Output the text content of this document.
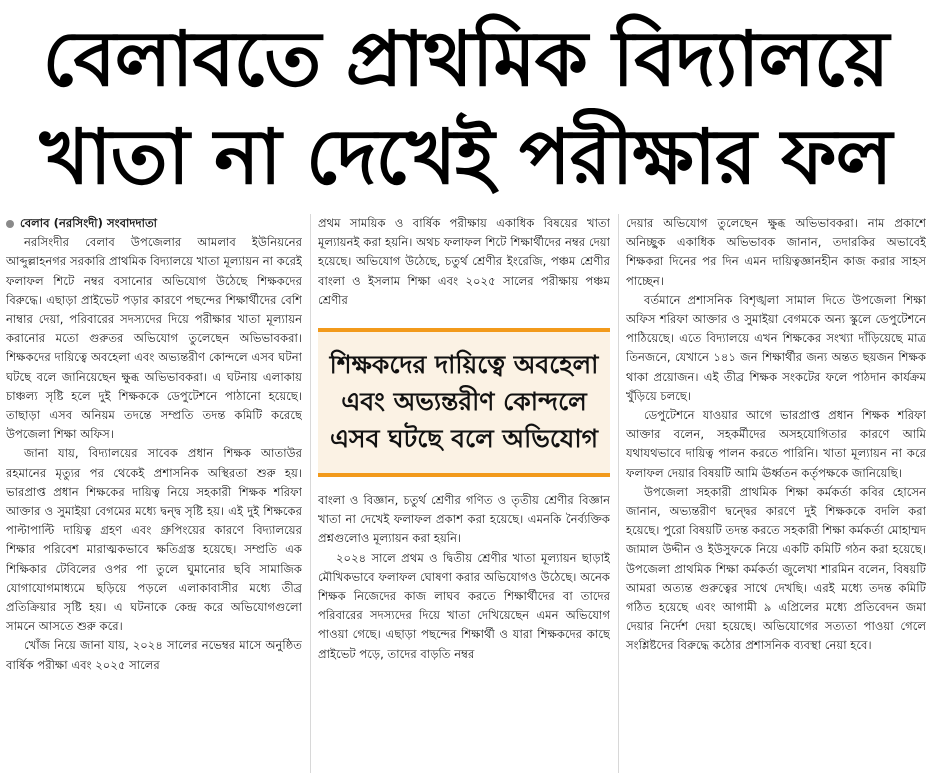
বেলাবতে প্রাথমিক বিদ্যালয়ে
খাতা না দেখেই পরীক্ষার ফল

বেলাব (নরসিংদী) সংবাদদাতা

নরসিংদীর বেলাব উপজেলার আমলাব ইউনিয়নের আব্দুল্লাহনগর সরকারি প্রাথমিক বিদ্যালয়ে খাতা মূল্যায়ন না করেই ফলাফল শিটে নম্বর বসানোর অভিযোগ উঠেছে শিক্ষকদের বিরুদ্ধে। এছাড়া প্রাইভেট পড়ার কারণে পছন্দের শিক্ষার্থীদের বেশি নাম্বার দেয়া, পরিবারের সদস্যদের দিয়ে পরীক্ষার খাতা মূল্যায়ন করানোর মতো গুরুতর অভিযোগ তুলেছেন অভিভাবকরা। শিক্ষকদের দায়িত্বে অবহেলা এবং অভ্যন্তরীণ কোন্দলে এসব ঘটনা ঘটছে বলে জানিয়েছেন ক্ষুব্ধ অভিভাবকরা। এ ঘটনায় এলাকায় চাঞ্চল্য সৃষ্টি হলে দুই শিক্ষককে ডেপুটেশনে পাঠানো হয়েছে। তাছাড়া এসব অনিয়ম তদন্তে সম্প্রতি তদন্ত কমিটি করেছে উপজেলা শিক্ষা অফিস।

জানা যায়, বিদ্যালয়ের সাবেক প্রধান শিক্ষক আতাউর রহমানের মৃত্যুর পর থেকেই প্রশাসনিক অস্থিরতা শুরু হয়। ভারপ্রাপ্ত প্রধান শিক্ষকের দায়িত্ব নিয়ে সহকারী শিক্ষক শরিফা আক্তার ও সুমাইয়া বেগমের মধ্যে দ্বন্দ্ব সৃষ্টি হয়। এই দুই শিক্ষকের পাল্টাপাল্টি দায়িত্ব গ্রহণ এবং গ্রুপিংয়ের কারণে বিদ্যালয়ের শিক্ষার পরিবেশ মারাত্মকভাবে ক্ষতিগ্রস্ত হয়েছে। সম্প্রতি এক শিক্ষিকার টেবিলের ওপর পা তুলে ঘুমানোর ছবি সামাজিক যোগাযোগমাধ্যমে ছড়িয়ে পড়লে এলাকাবাসীর মধ্যে তীব্র প্রতিক্রিয়ার সৃষ্টি হয়। এ ঘটনাকে কেন্দ্র করে অভিযোগগুলো সামনে আসতে শুরু করে।

খোঁজ নিয়ে জানা যায়, ২০২৪ সালের নভেম্বর মাসে অনুষ্ঠিত বার্ষিক পরীক্ষা এবং ২০২৫ সালের

প্রথম সাময়িক ও বার্ষিক পরীক্ষায় একাধিক বিষয়ের খাতা মূল্যায়নই করা হয়নি। অথচ ফলাফল শিটে শিক্ষার্থীদের নম্বর দেয়া হয়েছে। অভিযোগ উঠেছে, চতুর্থ শ্রেণীর ইংরেজি, পঞ্চম শ্রেণীর বাংলা ও ইসলাম শিক্ষা এবং ২০২৫ সালের পরীক্ষায় পঞ্চম শ্রেণীর

শিক্ষকদের দায়িত্বে অবহেলা এবং অভ্যন্তরীণ কোন্দলে এসব ঘটছে বলে অভিযোগ

বাংলা ও বিজ্ঞান, চতুর্থ শ্রেণীর গণিত ও তৃতীয় শ্রেণীর বিজ্ঞান খাতা না দেখেই ফলাফল প্রকাশ করা হয়েছে। এমনকি নৈর্ব্যক্তিক প্রশ্নগুলোও মূল্যায়ন করা হয়নি।

২০২৪ সালে প্রথম ও দ্বিতীয় শ্রেণীর খাতা মূল্যায়ন ছাড়াই মৌখিকভাবে ফলাফল ঘোষণা করার অভিযোগও উঠেছে। অনেক শিক্ষক নিজেদের কাজ লাঘব করতে শিক্ষার্থীদের বা তাদের পরিবারের সদস্যদের দিয়ে খাতা দেখিয়েছেন এমন অভিযোগ পাওয়া গেছে। এছাড়া পছন্দের শিক্ষার্থী ও যারা শিক্ষকদের কাছে প্রাইভেট পড়ে, তাদের বাড়তি নম্বর

দেয়ার অভিযোগ তুলেছেন ক্ষুব্ধ অভিভাবকরা। নাম প্রকাশে অনিচ্ছুক একাধিক অভিভাবক জানান, তদারকির অভাবেই শিক্ষকরা দিনের পর দিন এমন দায়িত্বজ্ঞানহীন কাজ করার সাহস পাচ্ছেন।

বর্তমানে প্রশাসনিক বিশৃঙ্খলা সামাল দিতে উপজেলা শিক্ষা অফিস শরিফা আক্তার ও সুমাইয়া বেগমকে অন্য স্কুলে ডেপুটেশনে পাঠিয়েছে। এতে বিদ্যালয়ে এখন শিক্ষকের সংখ্যা দাঁড়িয়েছে মাত্র তিনজনে, যেখানে ১৪১ জন শিক্ষার্থীর জন্য অন্তত ছয়জন শিক্ষক থাকা প্রয়োজন। এই তীব্র শিক্ষক সংকটের ফলে পাঠদান কার্যক্রম খুঁড়িয়ে চলছে।

ডেপুটেশনে যাওয়ার আগে ভারপ্রাপ্ত প্রধান শিক্ষক শরিফা আক্তার বলেন, সহকর্মীদের অসহযোগিতার কারণে আমি যথাযথভাবে দায়িত্ব পালন করতে পারিনি। খাতা মূল্যায়ন না করে ফলাফল দেয়ার বিষয়টি আমি ঊর্ধ্বতন কর্তৃপক্ষকে জানিয়েছি।

উপজেলা সহকারী প্রাথমিক শিক্ষা কর্মকর্তা কবির হোসেন জানান, অভ্যন্তরীণ দ্বন্দ্বের কারণে দুই শিক্ষককে বদলি করা হয়েছে। পুরো বিষয়টি তদন্ত করতে সহকারী শিক্ষা কর্মকর্তা মোহাম্মদ জামাল উদ্দীন ও ইউসুফকে নিয়ে একটি কমিটি গঠন করা হয়েছে। উপজেলা প্রাথমিক শিক্ষা কর্মকর্তা জুলেখা শারমিন বলেন, বিষয়টি আমরা অত্যন্ত গুরুত্বের সাথে দেখছি। এরই মধ্যে তদন্ত কমিটি গঠিত হয়েছে এবং আগামী ৯ এপ্রিলের মধ্যে প্রতিবেদন জমা দেয়ার নির্দেশ দেয়া হয়েছে। অভিযোগের সত্যতা পাওয়া গেলে সংশ্লিষ্টদের বিরুদ্ধে কঠোর প্রশাসনিক ব্যবস্থা নেয়া হবে।
